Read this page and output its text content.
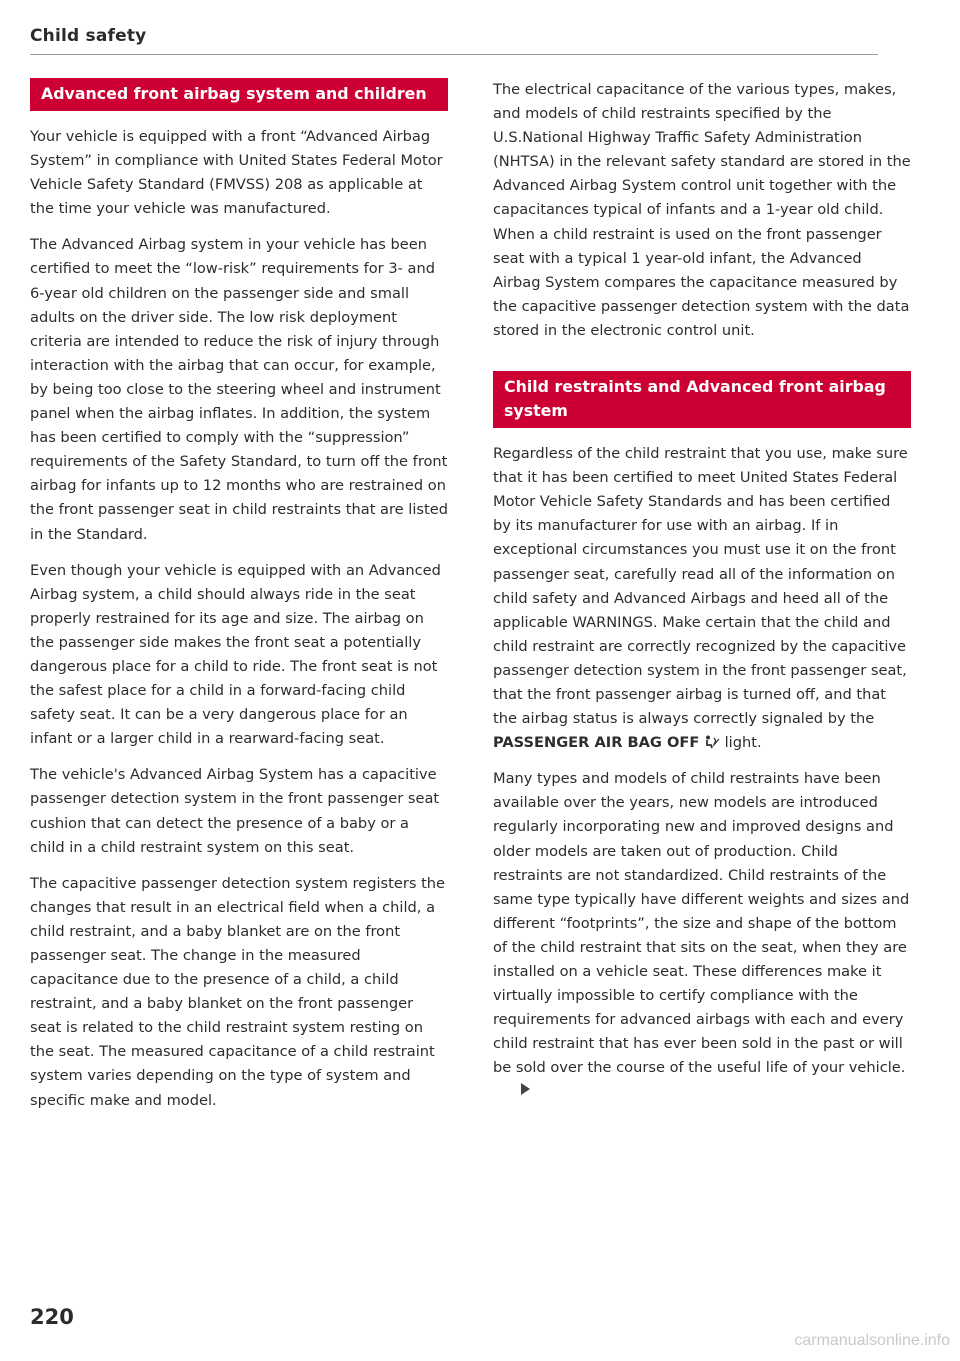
Child safety
Advanced front airbag system and children

Your vehicle is equipped with a front “Advanced Airbag System” in compliance with United States Federal Motor Vehicle Safety Standard (FMVSS) 208 as applicable at the time your vehicle was manufactured.

The Advanced Airbag system in your vehicle has been certified to meet the “low-risk” requirements for 3- and 6-year old children on the passenger side and small adults on the driver side. The low risk deployment criteria are intended to reduce the risk of injury through interaction with the airbag that can occur, for example, by being too close to the steering wheel and instrument panel when the airbag inflates. In addition, the system has been certified to comply with the “suppression” requirements of the Safety Standard, to turn off the front airbag for infants up to 12 months who are restrained on the front passenger seat in child restraints that are listed in the Standard.

Even though your vehicle is equipped with an Advanced Airbag system, a child should always ride in the seat properly restrained for its age and size. The airbag on the passenger side makes the front seat a potentially dangerous place for a child to ride. The front seat is not the safest place for a child in a forward-facing child safety seat. It can be a very dangerous place for an infant or a larger child in a rearward-facing seat.

The vehicle's Advanced Airbag System has a capacitive passenger detection system in the front passenger seat cushion that can detect the presence of a baby or a child in a child restraint system on this seat.

The capacitive passenger detection system registers the changes that result in an electrical field when a child, a child restraint, and a baby blanket are on the front passenger seat. The change in the measured capacitance due to the presence of a child, a child restraint, and a baby blanket on the front passenger seat is related to the child restraint system resting on the seat. The measured capacitance of a child restraint system varies depending on the type of system and specific make and model.

The electrical capacitance of the various types, makes, and models of child restraints specified by the U.S.National Highway Traffic Safety Administration (NHTSA) in the relevant safety standard are stored in the Advanced Airbag System control unit together with the capacitances typical of infants and a 1-year old child. When a child restraint is used on the front passenger seat with a typical 1 year-old infant, the Advanced Airbag System compares the capacitance measured by the capacitive passenger detection system with the data stored in the electronic control unit.

Child restraints and Advanced front airbag system

Regardless of the child restraint that you use, make sure that it has been certified to meet United States Federal Motor Vehicle Safety Standards and has been certified by its manufacturer for use with an airbag. If in exceptional circumstances you must use it on the front passenger seat, carefully read all of the information on child safety and Advanced Airbags and heed all of the applicable WARNINGS. Make certain that the child and child restraint are correctly recognized by the capacitive passenger detection system in the front passenger seat, that the front passenger airbag is turned off, and that the airbag status is always correctly signaled by the PASSENGER AIR BAG OFF  light.

Many types and models of child restraints have been available over the years, new models are introduced regularly incorporating new and improved designs and older models are taken out of production. Child restraints are not standardized. Child restraints of the same type typically have different weights and sizes and different “footprints”, the size and shape of the bottom of the child restraint that sits on the seat, when they are installed on a vehicle seat. These differences make it virtually impossible to certify compliance with the requirements for advanced airbags with each and every child restraint that has ever been sold in the past or will be sold over the course of the useful life of your vehicle.

220
carmanualsonline.info
